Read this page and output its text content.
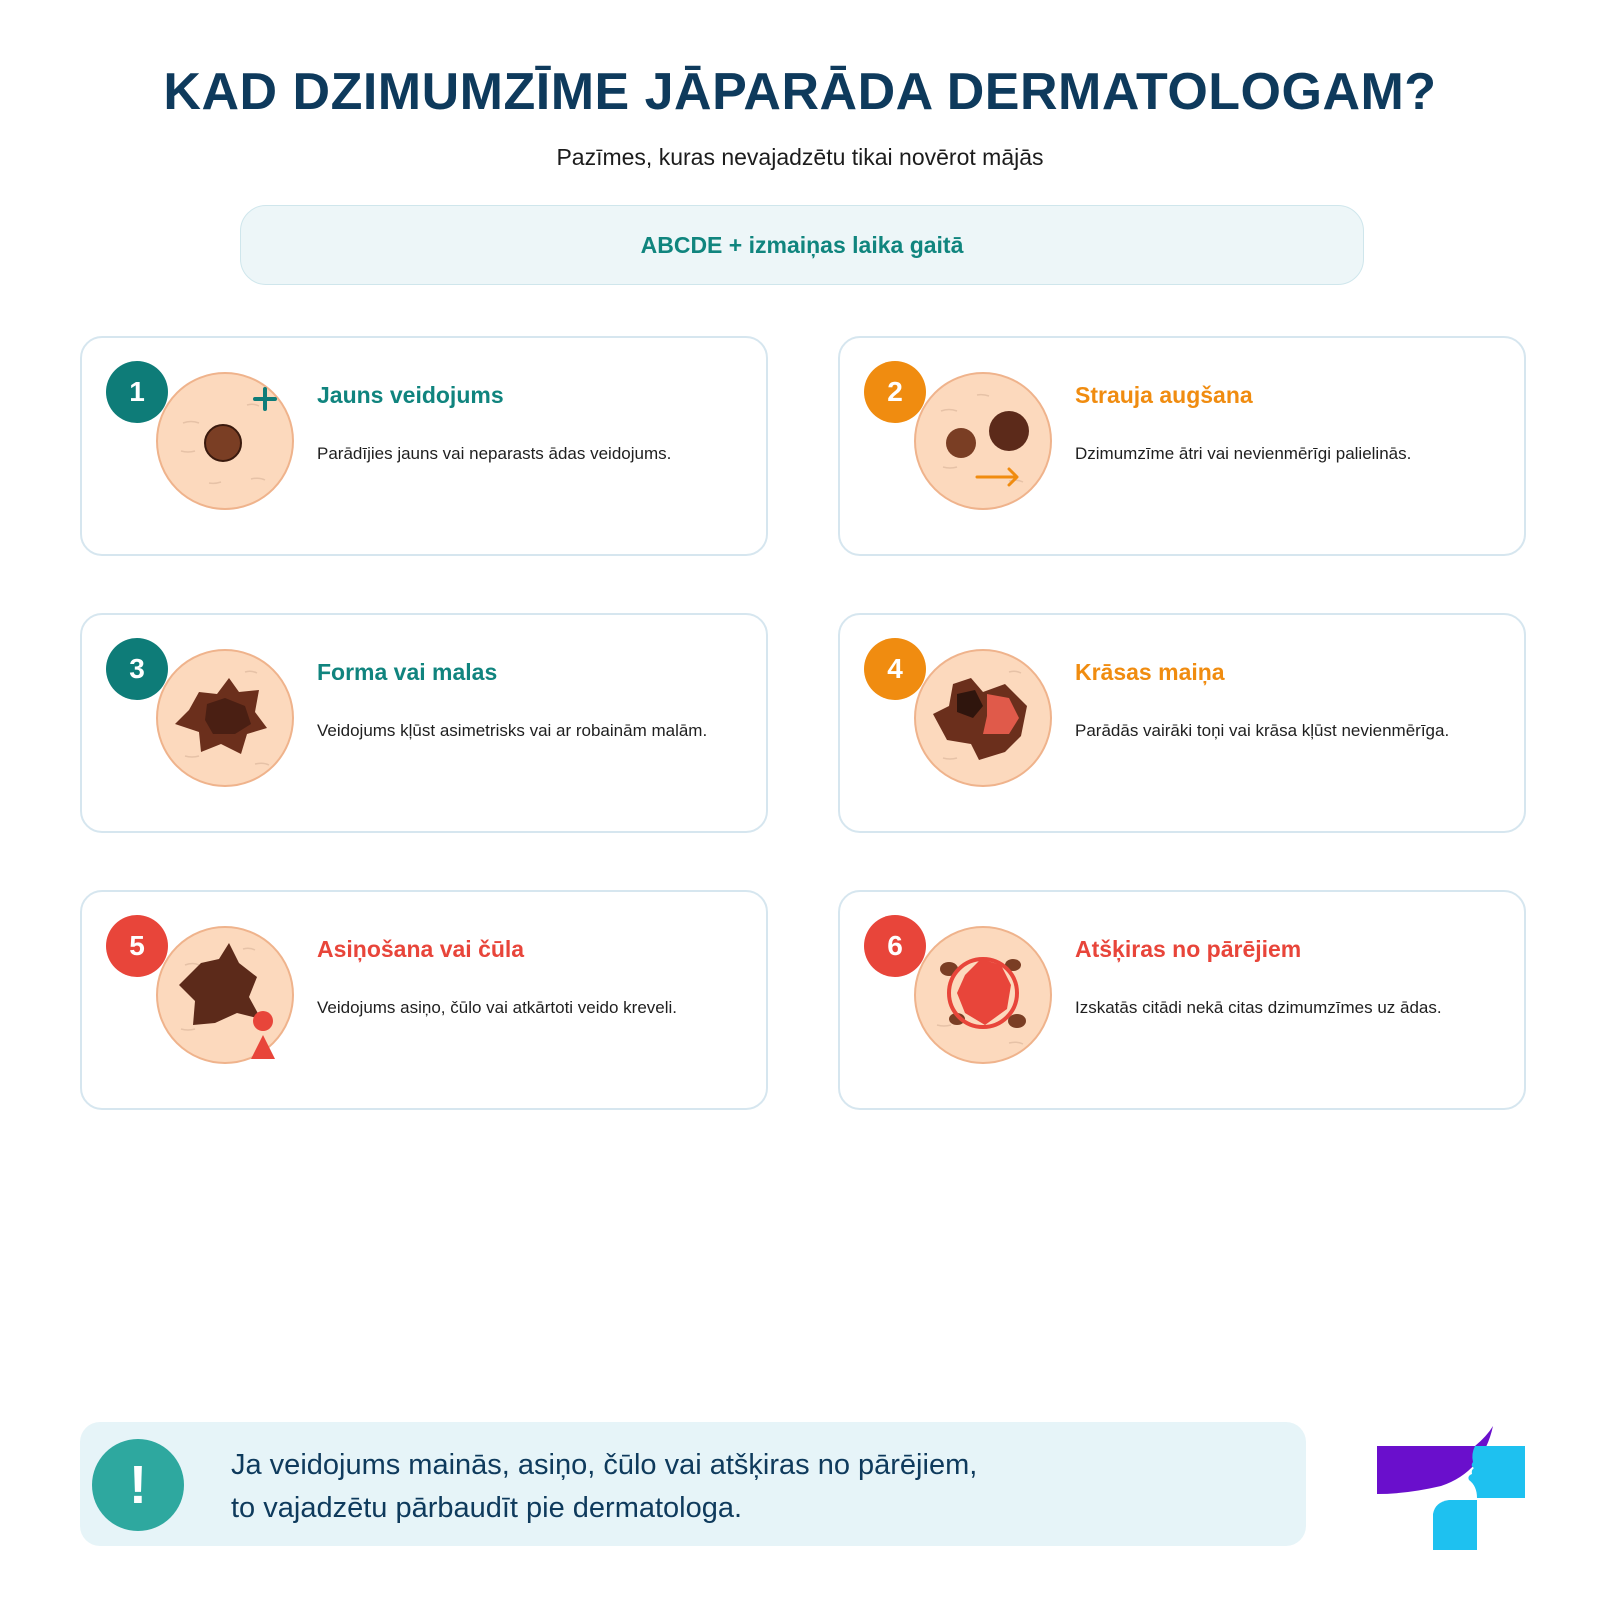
KAD DZIMUMZĪME JĀPARĀDA DERMATOLOGAM?
Pazīmes, kuras nevajadzētu tikai novērot mājās
ABCDE + izmaiņas laika gaitā
1	Jauns veidojums
Parādījies jauns vai neparasts ādas veidojums.
2	Strauja augšana
Dzimumzīme ātri vai nevienmērīgi palielinās.
3	Forma vai malas
Veidojums kļūst asimetrisks vai ar robainām malām.
4	Krāsas maiņa
Parādās vairāki toņi vai krāsa kļūst nevienmērīga.
5	Asiņošana vai čūla
Veidojums asiņo, čūlo vai atkārtoti veido kreveli.
6	Atšķiras no pārējiem
Izskatās citādi nekā citas dzimumzīmes uz ādas.
!	Ja veidojums mainās, asiņo, čūlo vai atšķiras no pārējiem,
to vajadzētu pārbaudīt pie dermatologa.
